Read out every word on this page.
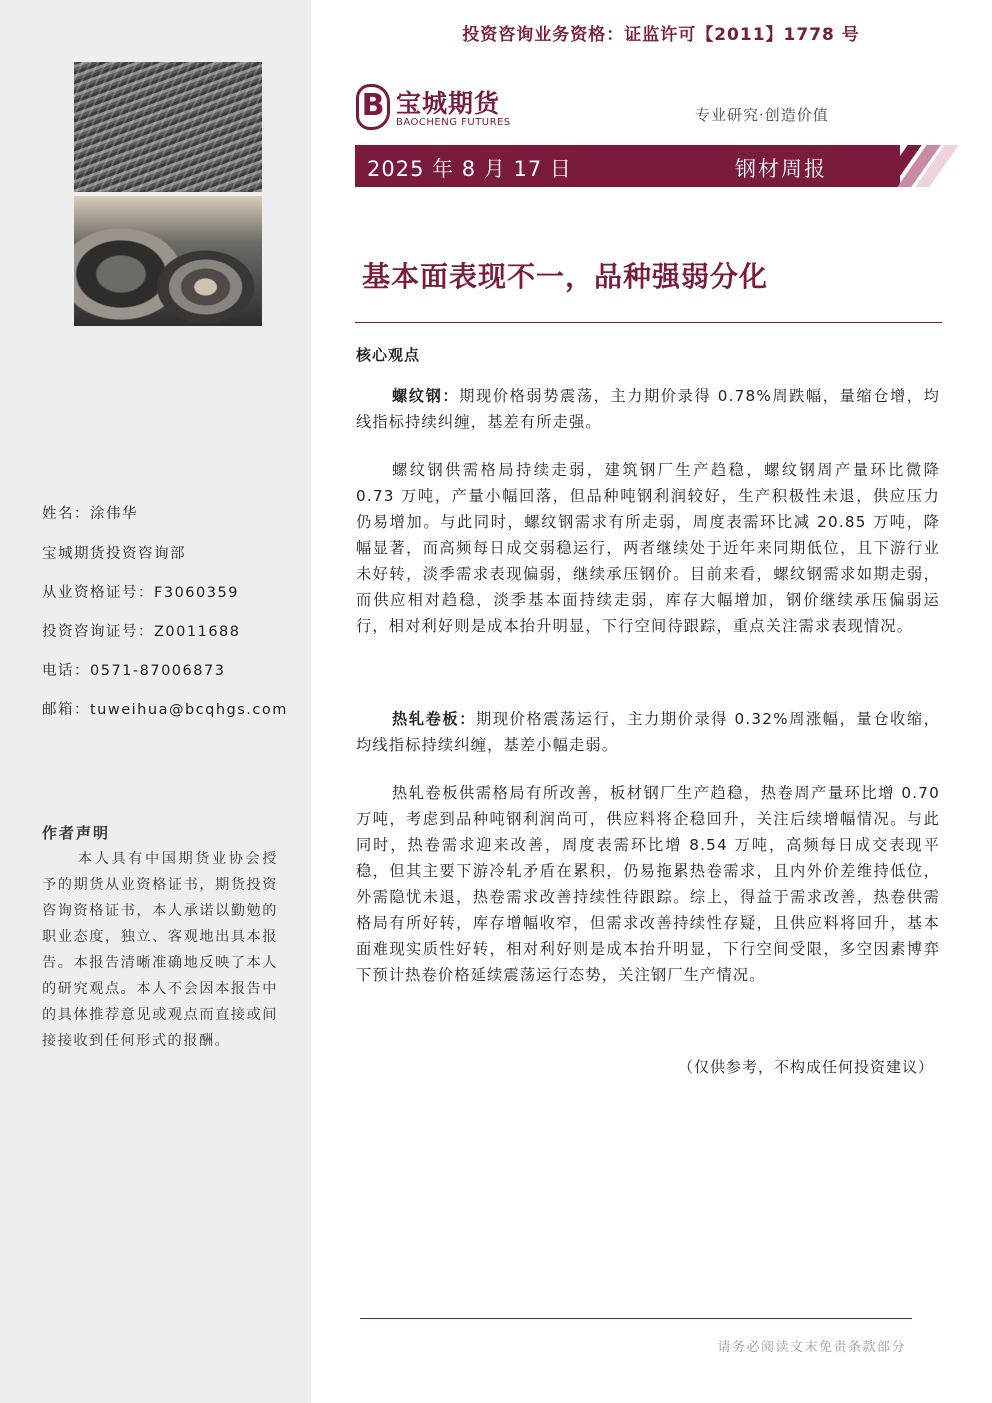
投资咨询业务资格：证监许可【2011】1778 号
B 宝城期货
BAOCHENG FUTURES	专业研究·创造价值
2025 年 8 月 17 日	钢材周报
基本面表现不一，品种强弱分化
核心观点

螺纹钢：期现价格弱势震荡，主力期价录得 0.78%周跌幅，量缩仓增，均线指标持续纠缠，基差有所走强。

螺纹钢供需格局持续走弱，建筑钢厂生产趋稳，螺纹钢周产量环比微降 0.73 万吨，产量小幅回落，但品种吨钢利润较好，生产积极性未退，供应压力仍易增加。与此同时，螺纹钢需求有所走弱，周度表需环比减 20.85 万吨，降幅显著，而高频每日成交弱稳运行，两者继续处于近年来同期低位，且下游行业未好转，淡季需求表现偏弱，继续承压钢价。目前来看，螺纹钢需求如期走弱，而供应相对趋稳，淡季基本面持续走弱，库存大幅增加，钢价继续承压偏弱运行，相对利好则是成本抬升明显，下行空间待跟踪，重点关注需求表现情况。

热轧卷板：期现价格震荡运行，主力期价录得 0.32%周涨幅，量仓收缩，均线指标持续纠缠，基差小幅走弱。

热轧卷板供需格局有所改善，板材钢厂生产趋稳，热卷周产量环比增 0.70 万吨，考虑到品种吨钢利润尚可，供应料将企稳回升，关注后续增幅情况。与此同时，热卷需求迎来改善，周度表需环比增 8.54 万吨，高频每日成交表现平稳，但其主要下游冷轧矛盾在累积，仍易拖累热卷需求，且内外价差维持低位，外需隐忧未退，热卷需求改善持续性待跟踪。综上，得益于需求改善，热卷供需格局有所好转，库存增幅收窄，但需求改善持续性存疑，且供应料将回升，基本面难现实质性好转，相对利好则是成本抬升明显，下行空间受限，多空因素博弈下预计热卷价格延续震荡运行态势，关注钢厂生产情况。

（仅供参考，不构成任何投资建议）
姓名：涂伟华
宝城期货投资咨询部
从业资格证号：F3060359
投资咨询证号：Z0011688
电话：0571-87006873
邮箱：tuweihua@bcqhgs.com
作者声明

本人具有中国期货业协会授予的期货从业资格证书，期货投资咨询资格证书，本人承诺以勤勉的职业态度，独立、客观地出具本报告。本报告清晰准确地反映了本人的研究观点。本人不会因本报告中的具体推荐意见或观点而直接或间接接收到任何形式的报酬。

请务必阅读文末免责条款部分
